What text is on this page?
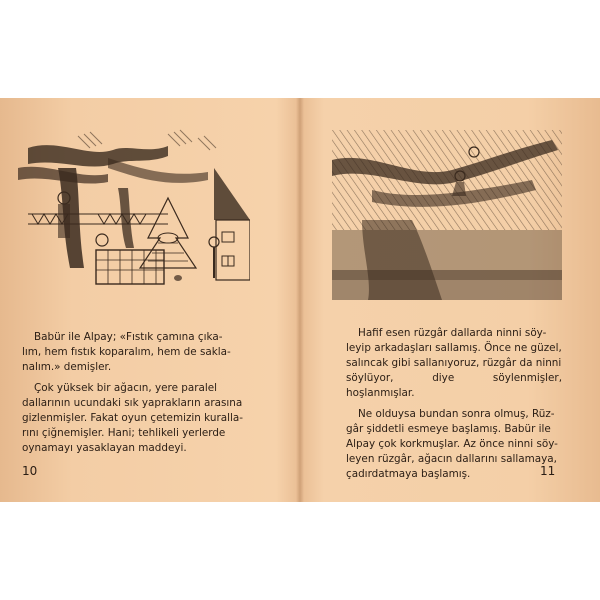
Babür ile Alpay; «Fıstık çamına çıka-
lım, hem fıstık koparalım, hem de sakla-
nalım.» demişler.

Çok yüksek bir ağacın, yere paralel
dallarının ucundaki sık yaprakların arasına
gizlenmişler. Fakat oyun çetemizin kuralla-
rını çiğnemişler. Hani; tehlikeli yerlerde
oynamayı yasaklayan maddeyi.

10

Hafif esen rüzgâr dallarda ninni söy-
leyip arkadaşları sallamış. Önce ne güzel,
salıncak gibi sallanıyoruz, rüzgâr da ninni
söylüyor, diye söylenmişler, hoşlanmışlar.

Ne olduysa bundan sonra olmuş, Rüz-
gâr şiddetli esmeye başlamış. Babür ile
Alpay çok korkmuşlar. Az önce ninni söy-
leyen rüzgâr, ağacın dallarını sallamaya,
çadırdatmaya başlamış.	11
